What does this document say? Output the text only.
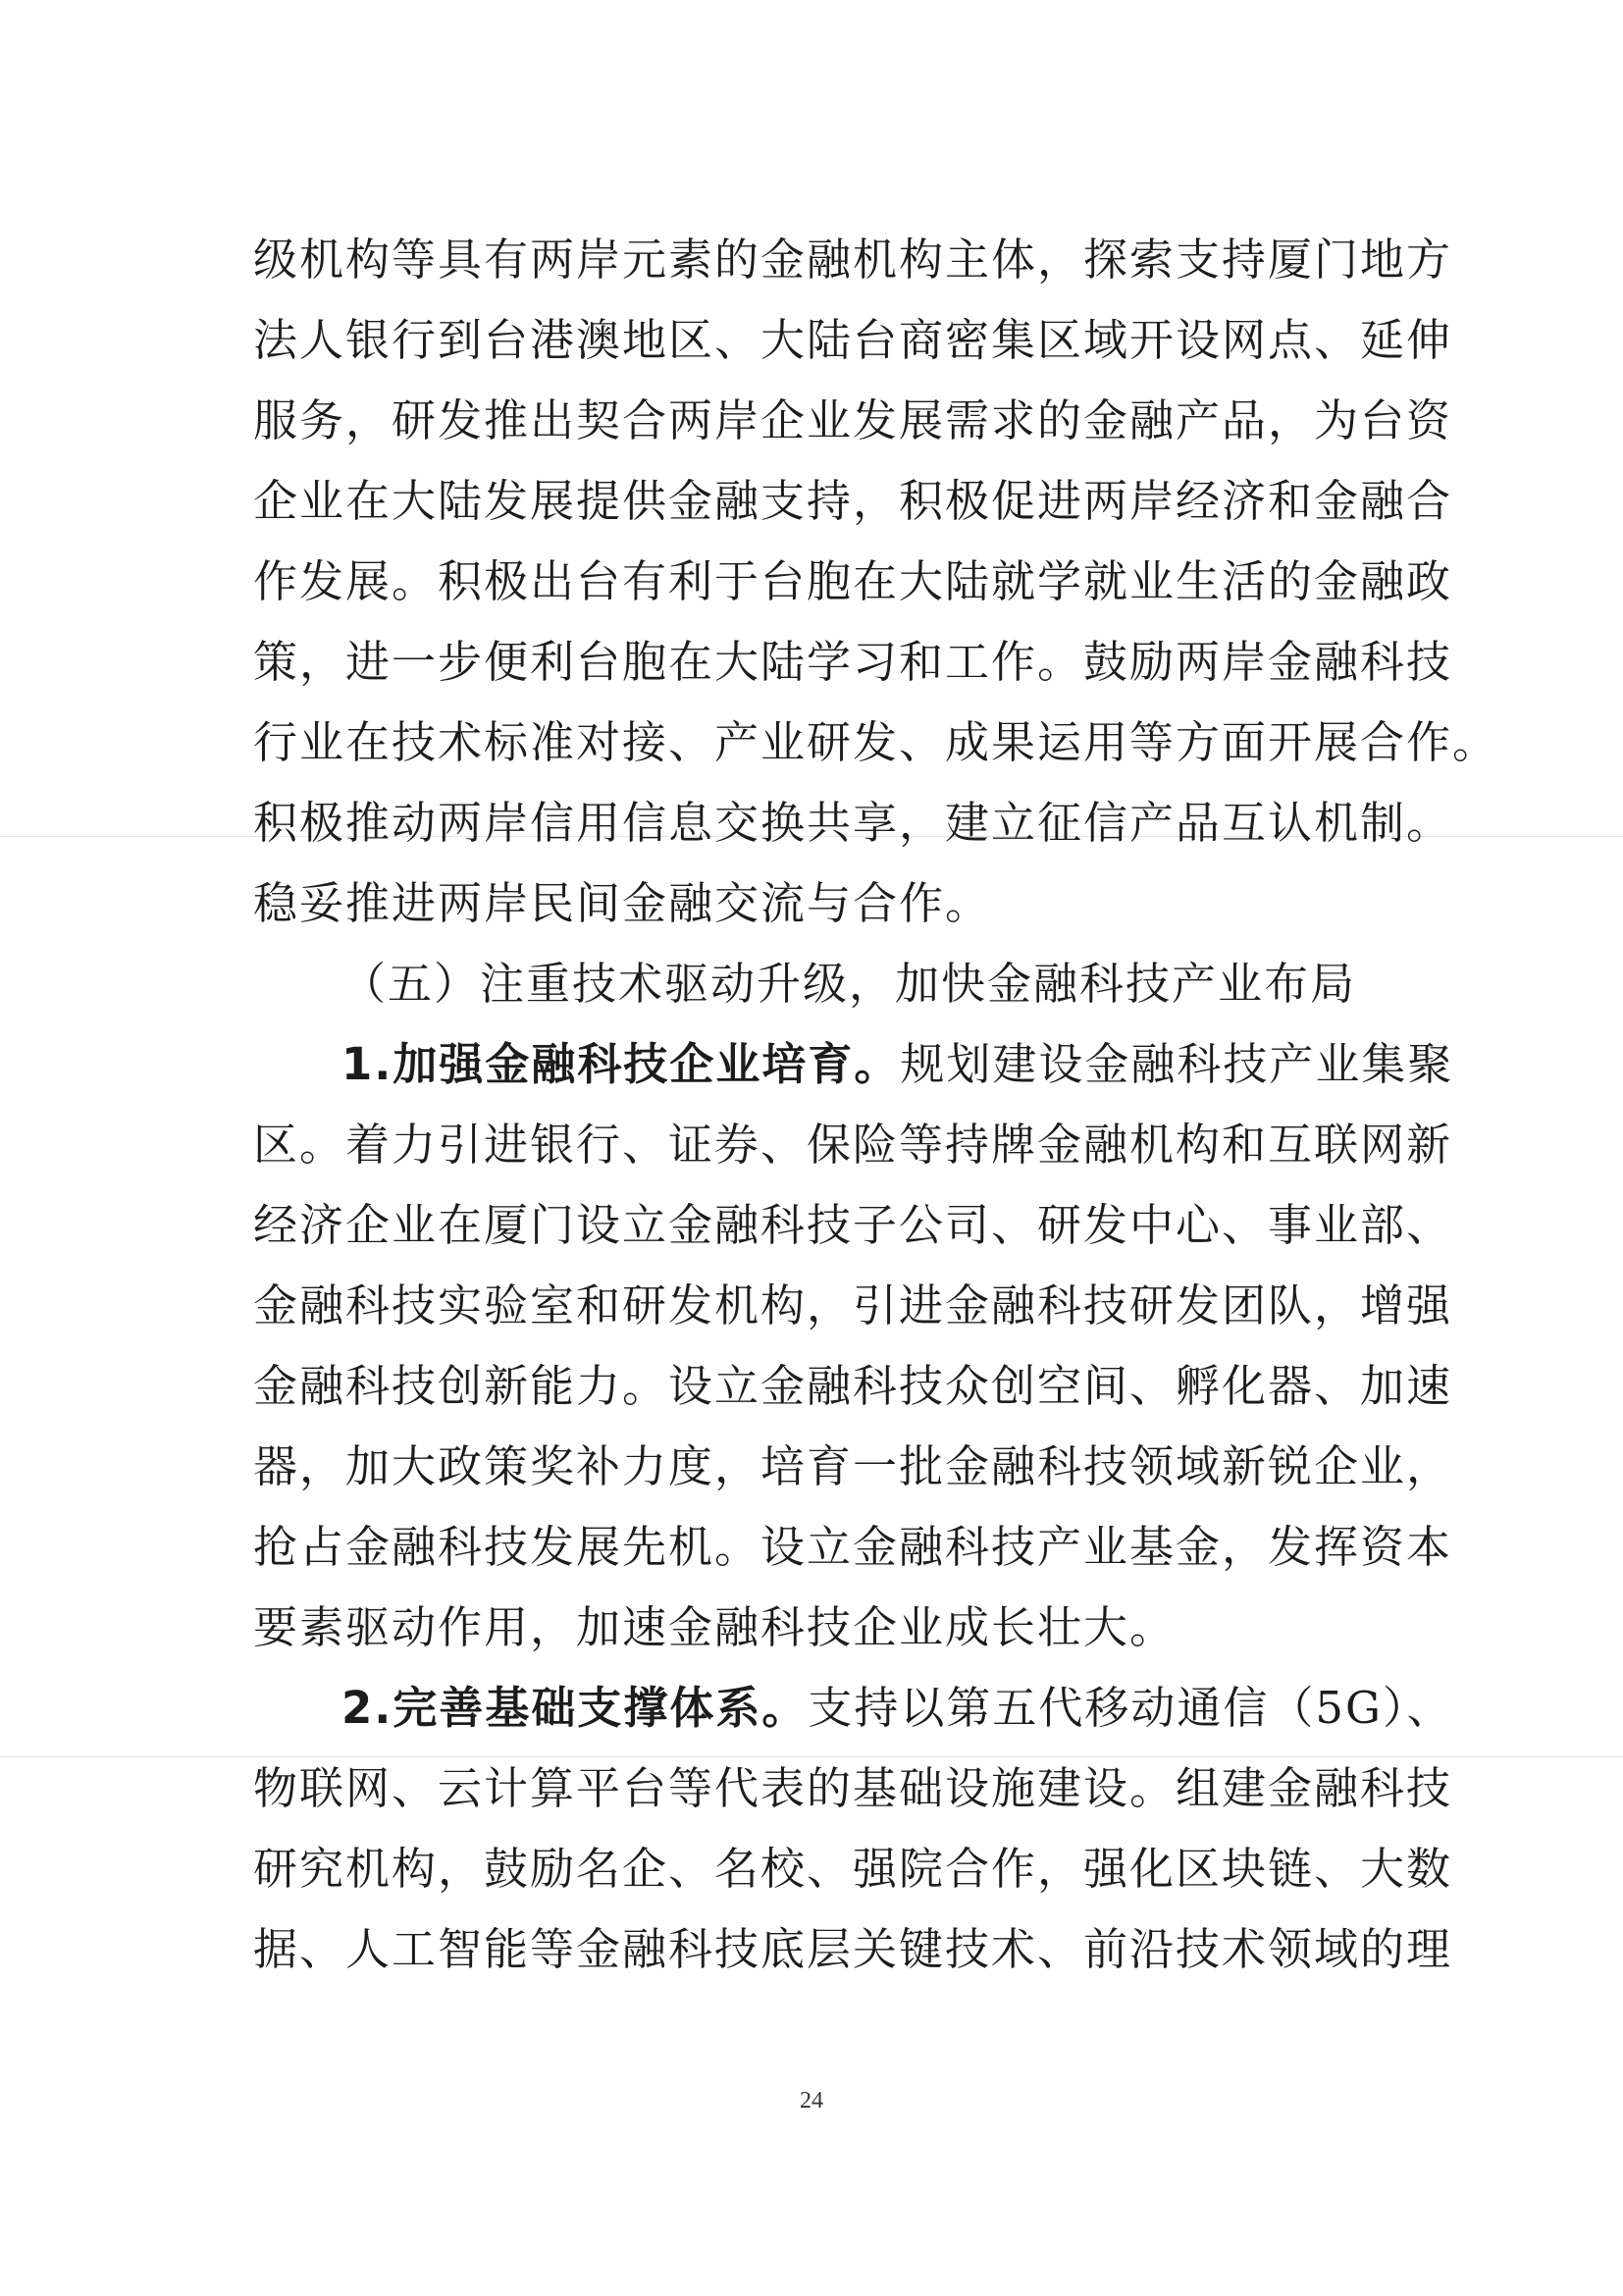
级机构等具有两岸元素的金融机构主体，探索支持厦门地方
法人银行到台港澳地区、大陆台商密集区域开设网点、延伸
服务，研发推出契合两岸企业发展需求的金融产品，为台资
企业在大陆发展提供金融支持，积极促进两岸经济和金融合
作发展。积极出台有利于台胞在大陆就学就业生活的金融政
策，进一步便利台胞在大陆学习和工作。鼓励两岸金融科技
行业在技术标准对接、产业研发、成果运用等方面开展合作。
积极推动两岸信用信息交换共享，建立征信产品互认机制。
稳妥推进两岸民间金融交流与合作。
（五）注重技术驱动升级，加快金融科技产业布局
1.加强金融科技企业培育。规划建设金融科技产业集聚
区。着力引进银行、证券、保险等持牌金融机构和互联网新
经济企业在厦门设立金融科技子公司、研发中心、事业部、
金融科技实验室和研发机构，引进金融科技研发团队，增强
金融科技创新能力。设立金融科技众创空间、孵化器、加速
器，加大政策奖补力度，培育一批金融科技领域新锐企业，
抢占金融科技发展先机。设立金融科技产业基金，发挥资本
要素驱动作用，加速金融科技企业成长壮大。
2.完善基础支撑体系。支持以第五代移动通信（5G）、
物联网、云计算平台等代表的基础设施建设。组建金融科技
研究机构，鼓励名企、名校、强院合作，强化区块链、大数
据、人工智能等金融科技底层关键技术、前沿技术领域的理
24
